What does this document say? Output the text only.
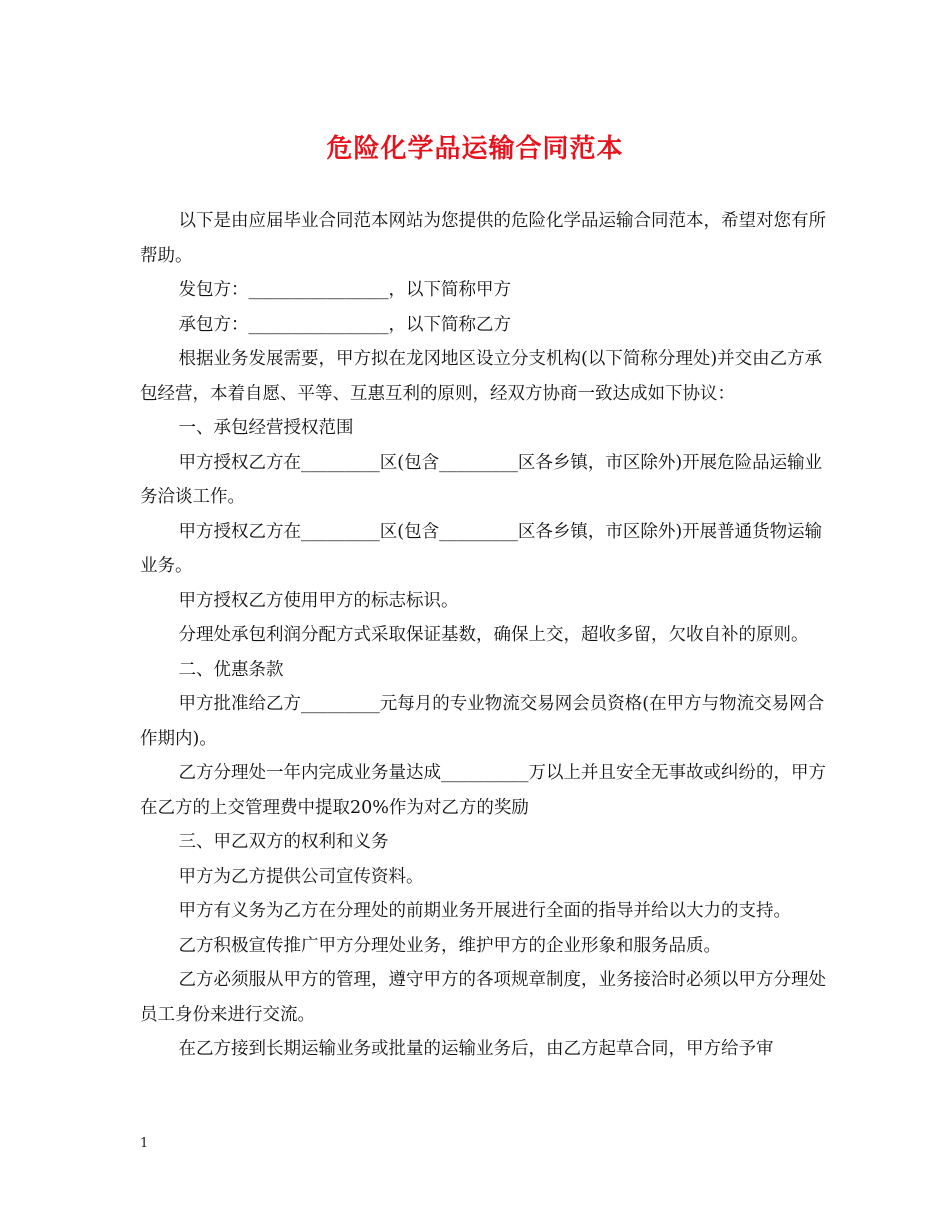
危险化学品运输合同范本

以下是由应届毕业合同范本网站为您提供的危险化学品运输合同范本，希望对您有所帮助。

发包方：________________，以下简称甲方

承包方：________________，以下简称乙方

根据业务发展需要，甲方拟在龙冈地区设立分支机构(以下简称分理处)并交由乙方承包经营，本着自愿、平等、互惠互利的原则，经双方协商一致达成如下协议：

一、承包经营授权范围

甲方授权乙方在_________区(包含_________区各乡镇，市区除外)开展危险品运输业务洽谈工作。

甲方授权乙方在_________区(包含_________区各乡镇，市区除外)开展普通货物运输业务。

甲方授权乙方使用甲方的标志标识。

分理处承包利润分配方式采取保证基数，确保上交，超收多留，欠收自补的原则。

二、优惠条款

甲方批准给乙方_________元每月的专业物流交易网会员资格(在甲方与物流交易网合作期内)。

乙方分理处一年内完成业务量达成__________万以上并且安全无事故或纠纷的，甲方在乙方的上交管理费中提取20%作为对乙方的奖励

三、甲乙双方的权利和义务

甲方为乙方提供公司宣传资料。

甲方有义务为乙方在分理处的前期业务开展进行全面的指导并给以大力的支持。

乙方积极宣传推广甲方分理处业务，维护甲方的企业形象和服务品质。

乙方必须服从甲方的管理，遵守甲方的各项规章制度，业务接洽时必须以甲方分理处员工身份来进行交流。

在乙方接到长期运输业务或批量的运输业务后，由乙方起草合同，甲方给予审

1
